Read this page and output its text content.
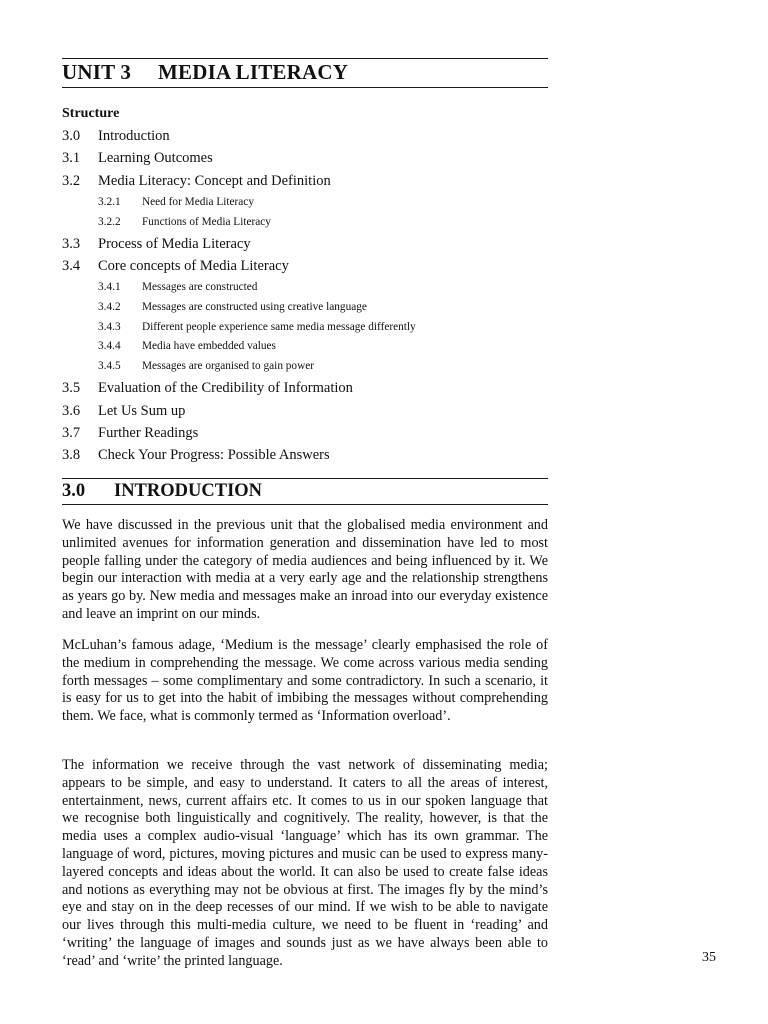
UNIT 3 MEDIA LITERACY
Structure
3.0 Introduction
3.1 Learning Outcomes
3.2 Media Literacy: Concept and Definition
3.2.1 Need for Media Literacy
3.2.2 Functions of Media Literacy
3.3 Process of Media Literacy
3.4 Core concepts of Media Literacy
3.4.1 Messages are constructed
3.4.2 Messages are constructed using creative language
3.4.3 Different people experience same media message differently
3.4.4 Media have embedded values
3.4.5 Messages are organised to gain power
3.5 Evaluation of the Credibility of Information
3.6 Let Us Sum up
3.7 Further Readings
3.8 Check Your Progress: Possible Answers
3.0 INTRODUCTION

We have discussed in the previous unit that the globalised media environment and unlimited avenues for information generation and dissemination have led to most people falling under the category of media audiences and being influenced by it. We begin our interaction with media at a very early age and the relationship strengthens as years go by. New media and messages make an inroad into our everyday existence and leave an imprint on our minds.

McLuhan’s famous adage, ‘Medium is the message’ clearly emphasised the role of the medium in comprehending the message. We come across various media sending forth messages – some complimentary and some contradictory. In such a scenario, it is easy for us to get into the habit of imbibing the messages without comprehending them. We face, what is commonly termed as ‘Information overload’.

The information we receive through the vast network of disseminating media; appears to be simple, and easy to understand. It caters to all the areas of interest, entertainment, news, current affairs etc. It comes to us in our spoken language that we recognise both linguistically and cognitively. The reality, however, is that the media uses a complex audio-visual ‘language’ which has its own grammar. The language of word, pictures, moving pictures and music can be used to express many-layered concepts and ideas about the world. It can also be used to create false ideas and notions as everything may not be obvious at first. The images fly by the mind’s eye and stay on in the deep recesses of our mind. If we wish to be able to navigate our lives through this multi-media culture, we need to be fluent in ‘reading’ and ‘writing’ the language of images and sounds just as we have always been able to ‘read’ and ‘write’ the printed language.	35
